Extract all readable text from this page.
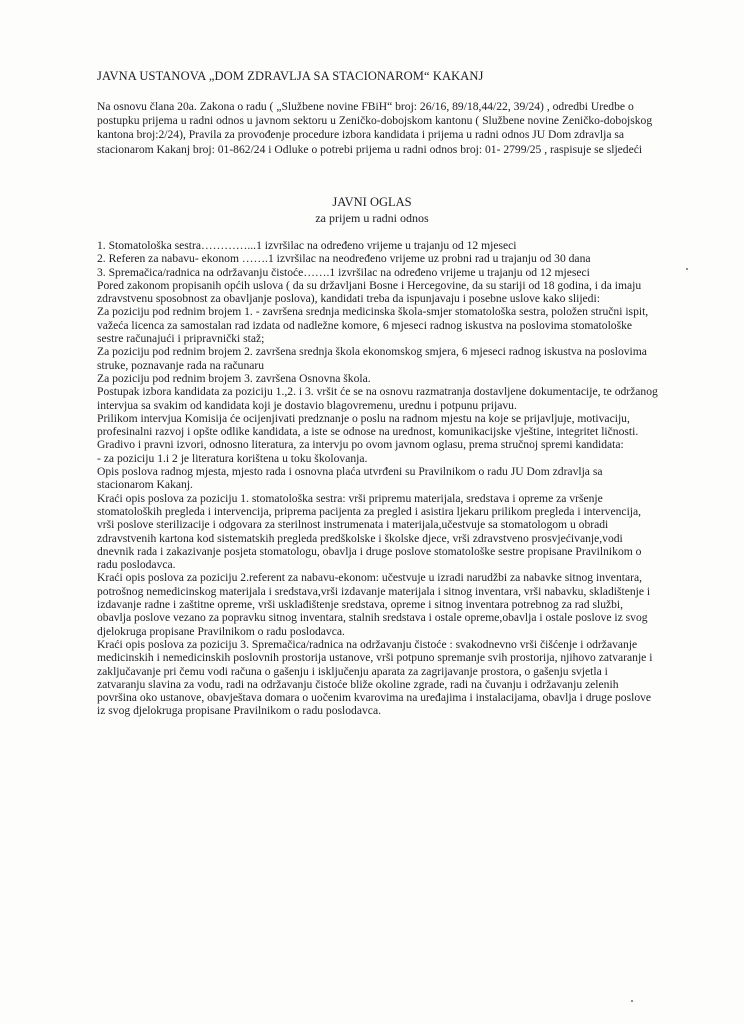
JAVNA USTANOVA „DOM ZDRAVLJA SA STACIONAROM“ KAKANJ
Na osnovu člana 20a. Zakona o radu ( „Službene novine FBiH“ broj: 26/16, 89/18,44/22, 39/24) , odredbi Uredbe o postupku prijema u radni odnos u javnom sektoru u Zeničko-dobojskom kantonu ( Službene novine Zeničko-dobojskog kantona broj:2/24), Pravila za provođenje procedure izbora kandidata i prijema u radni odnos JU Dom zdravlja sa stacionarom Kakanj broj: 01-862/24 i Odluke o potrebi prijema u radni odnos broj: 01- 2799/25 , raspisuje se sljedeći
JAVNI OGLAS
za prijem u radni odnos

1. Stomatološka sestra…………...1 izvršilac na određeno vrijeme u trajanju od 12 mjeseci

2. Referen za nabavu- ekonom …….1 izvršilac na neodređeno vrijeme uz probni rad u trajanju od 30 dana

3. Spremačica/radnica na održavanju čistoće…….1 izvršilac na određeno vrijeme u trajanju od 12 mjeseci

Pored zakonom propisanih općih uslova ( da su državljani Bosne i Hercegovine, da su stariji od 18 godina, i da imaju zdravstvenu sposobnost za obavljanje poslova), kandidati treba da ispunjavaju i posebne uslove kako slijedi:

Za poziciju pod rednim brojem 1. - završena srednja medicinska škola-smjer stomatološka sestra, položen stručni ispit, važeća licenca za samostalan rad izdata od nadležne komore, 6 mjeseci radnog iskustva na poslovima stomatološke sestre računajući i pripravnički staž;

Za poziciju pod rednim brojem 2. završena srednja škola ekonomskog smjera, 6 mjeseci radnog iskustva na poslovima struke, poznavanje rada na računaru

Za poziciju pod rednim brojem 3. završena Osnovna škola.

Postupak izbora kandidata za poziciju 1.,2. i 3. vršit će se na osnovu razmatranja dostavljene dokumentacije, te održanog intervjua sa svakim od kandidata koji je dostavio blagovremenu, urednu i potpunu prijavu.

Prilikom intervjua Komisija će ocijenjivati predznanje o poslu na radnom mjestu na koje se prijavljuje, motivaciju, profesinalni razvoj i opšte odlike kandidata, a iste se odnose na urednost, komunikacijske vještine, integritet ličnosti.

Gradivo i pravni izvori, odnosno literatura, za intervju po ovom javnom oglasu, prema stručnoj spremi kandidata:

- za poziciju 1.i 2 je literatura korištena u toku školovanja.

Opis poslova radnog mjesta, mjesto rada i osnovna plaća utvrđeni su Pravilnikom o radu JU Dom zdravlja sa stacionarom Kakanj.

Kraći opis poslova za poziciju 1. stomatološka sestra: vrši pripremu materijala, sredstava i opreme za vršenje stomatoloških pregleda i intervencija, priprema pacijenta za pregled i asistira ljekaru prilikom pregleda i intervencija, vrši poslove sterilizacije i odgovara za sterilnost instrumenata i materijala,učestvuje sa stomatologom u obradi zdravstvenih kartona kod sistematskih pregleda predškolske i školske djece, vrši zdravstveno prosvjećivanje,vodi dnevnik rada i zakazivanje posjeta stomatologu, obavlja i druge poslove stomatološke sestre propisane Pravilnikom o radu poslodavca.

Kraći opis poslova za poziciju 2.referent za nabavu-ekonom: učestvuje u izradi narudžbi za nabavke sitnog inventara, potrošnog nemedicinskog materijala i sredstava,vrši izdavanje materijala i sitnog inventara, vrši nabavku, skladištenje i izdavanje radne i zaštitne opreme, vrši usklađištenje sredstava, opreme i sitnog inventara potrebnog za rad službi, obavlja poslove vezano za popravku sitnog inventara, stalnih sredstava i ostale opreme,obavlja i ostale poslove iz svog djelokruga propisane Pravilnikom o radu poslodavca.

Kraći opis poslova za poziciju 3. Spremačica/radnica na održavanju čistoće : svakodnevno vrši čišćenje i održavanje medicinskih i nemedicinskih poslovnih prostorija ustanove, vrši potpuno spremanje svih prostorija, njihovo zatvaranje i zaključavanje pri čemu vodi računa o gašenju i isključenju aparata za zagrijavanje prostora, o gašenju svjetla i zatvaranju slavina za vodu, radi na održavanju čistoće bliže okoline zgrade, radi na čuvanju i održavanju zelenih površina oko ustanove, obavještava domara o uočenim kvarovima na uređajima i instalacijama, obavlja i druge poslove iz svog djelokruga propisane Pravilnikom o radu poslodavca.
